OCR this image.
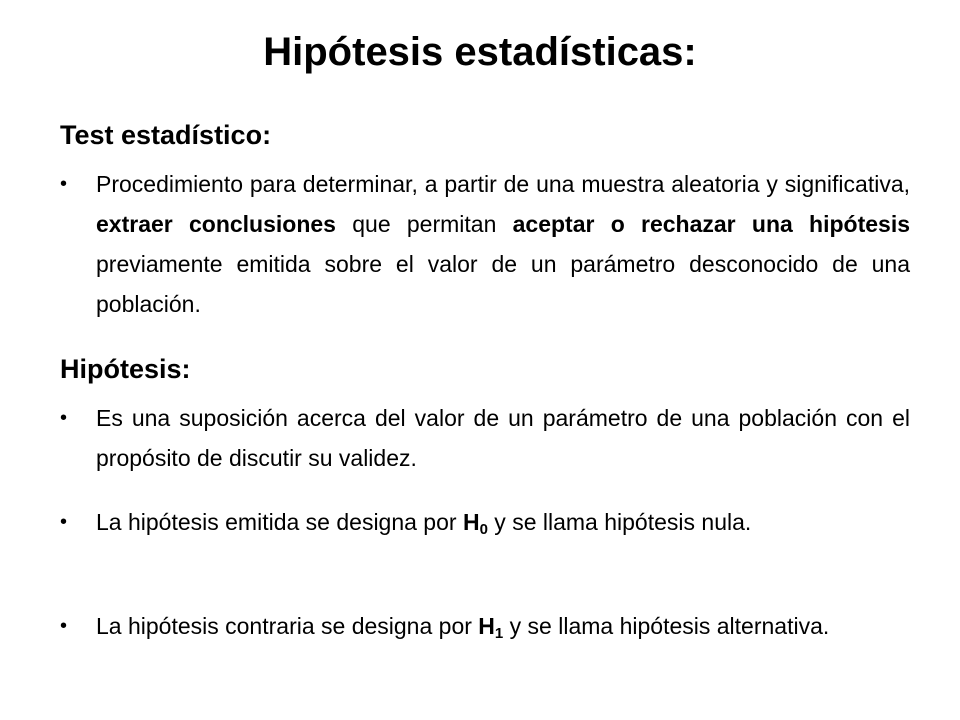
Hipótesis estadísticas:
Test estadístico:
•	Procedimiento para determinar, a partir de una muestra aleatoria y significativa, extraer conclusiones que permitan aceptar o rechazar una hipótesis previamente emitida sobre el valor de un parámetro desconocido de una población.
Hipótesis:
•	Es una suposición acerca del valor de un parámetro de una población con el propósito de discutir su validez.
•	La hipótesis emitida se designa por $H_0$ y se llama hipótesis nula.
•	La hipótesis contraria se designa por $H_1$ y se llama hipótesis alternativa.
